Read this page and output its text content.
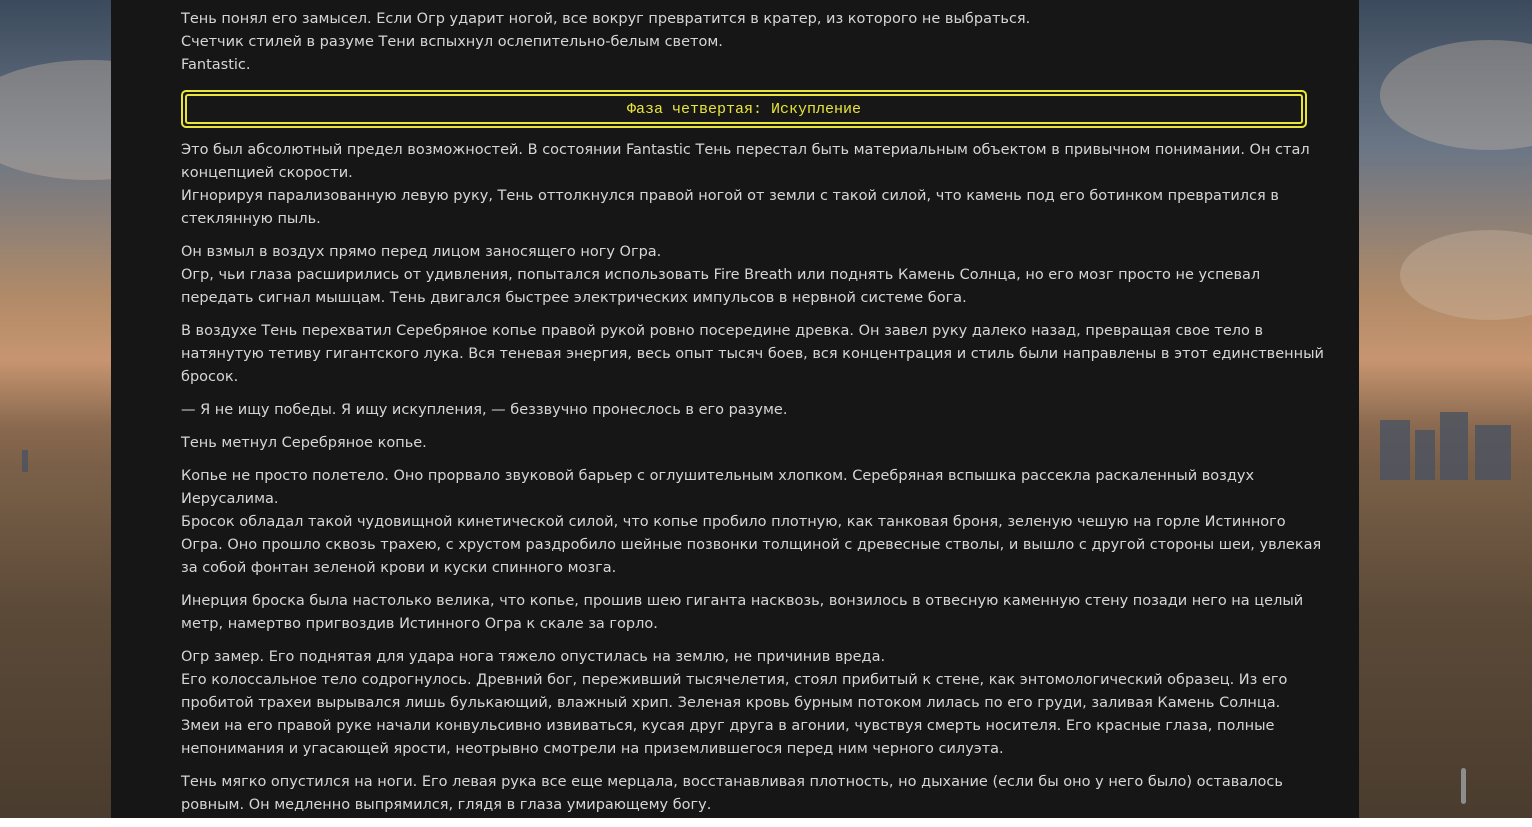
Тень понял его замысел. Если Огр ударит ногой, все вокруг превратится в кратер, из которого не выбраться.
Счетчик стилей в разуме Тени вспыхнул ослепительно-белым светом.
Fantastic.

Фаза четвертая: Искупление

Это был абсолютный предел возможностей. В состоянии Fantastic Тень перестал быть материальным объектом в привычном понимании. Он стал
концепцией скорости.
Игнорируя парализованную левую руку, Тень оттолкнулся правой ногой от земли с такой силой, что камень под его ботинком превратился в
стеклянную пыль.

Он взмыл в воздух прямо перед лицом заносящего ногу Огра.
Огр, чьи глаза расширились от удивления, попытался использовать Fire Breath или поднять Камень Солнца, но его мозг просто не успевал
передать сигнал мышцам. Тень двигался быстрее электрических импульсов в нервной системе бога.

В воздухе Тень перехватил Серебряное копье правой рукой ровно посередине древка. Он завел руку далеко назад, превращая свое тело в
натянутую тетиву гигантского лука. Вся теневая энергия, весь опыт тысяч боев, вся концентрация и стиль были направлены в этот единственный
бросок.

— Я не ищу победы. Я ищу искупления, — беззвучно пронеслось в его разуме.

Тень метнул Серебряное копье.

Копье не просто полетело. Оно прорвало звуковой барьер с оглушительным хлопком. Серебряная вспышка рассекла раскаленный воздух
Иерусалима.
Бросок обладал такой чудовищной кинетической силой, что копье пробило плотную, как танковая броня, зеленую чешую на горле Истинного
Огра. Оно прошло сквозь трахею, с хрустом раздробило шейные позвонки толщиной с древесные стволы, и вышло с другой стороны шеи, увлекая
за собой фонтан зеленой крови и куски спинного мозга.

Инерция броска была настолько велика, что копье, прошив шею гиганта насквозь, вонзилось в отвесную каменную стену позади него на целый
метр, намертво пригвоздив Истинного Огра к скале за горло.

Огр замер. Его поднятая для удара нога тяжело опустилась на землю, не причинив вреда.
Его колоссальное тело содрогнулось. Древний бог, переживший тысячелетия, стоял прибитый к стене, как энтомологический образец. Из его
пробитой трахеи вырывался лишь булькающий, влажный хрип. Зеленая кровь бурным потоком лилась по его груди, заливая Камень Солнца.
Змеи на его правой руке начали конвульсивно извиваться, кусая друг друга в агонии, чувствуя смерть носителя. Его красные глаза, полные
непонимания и угасающей ярости, неотрывно смотрели на приземлившегося перед ним черного силуэта.

Тень мягко опустился на ноги. Его левая рука все еще мерцала, восстанавливая плотность, но дыхание (если бы оно у него было) оставалось
ровным. Он медленно выпрямился, глядя в глаза умирающему богу.
